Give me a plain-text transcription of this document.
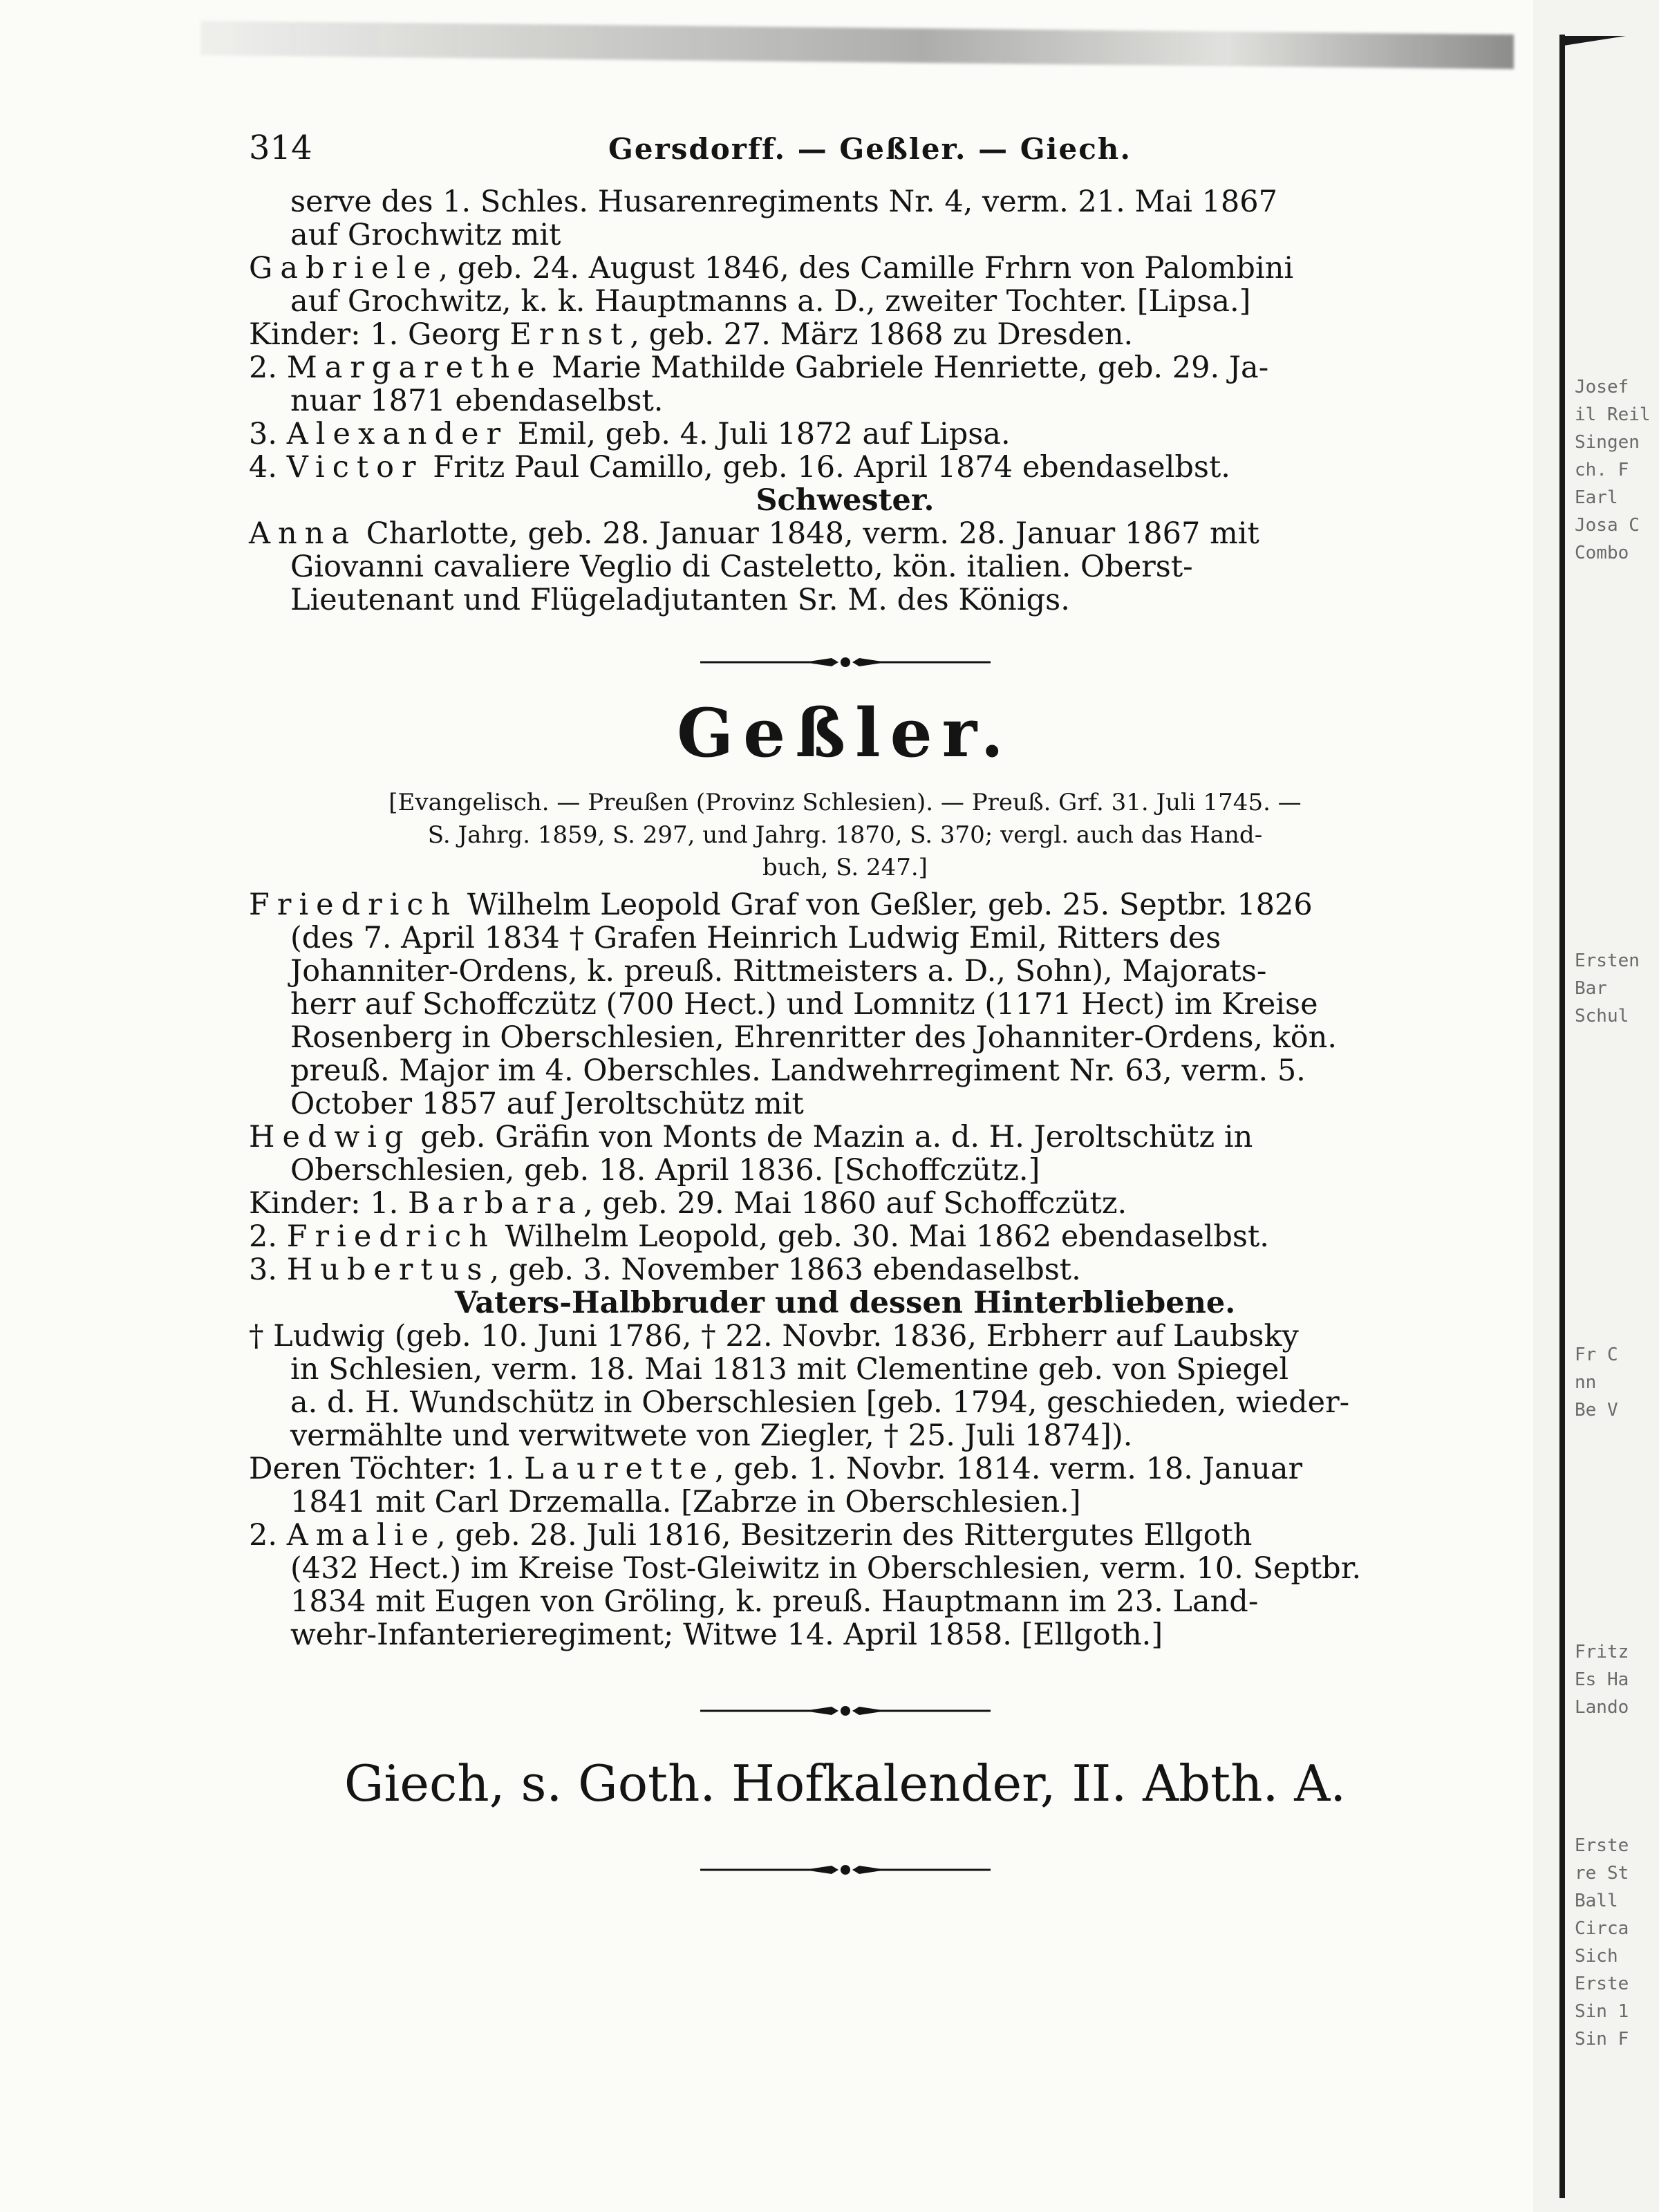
Josef
il Reil
Singen
ch. F
Earl
Josa C
Combo
Ersten
Bar
Schul
Fr C
nn
Be V
Fritz
Es Ha
Lando
Erste
re St
Ball
Circa
Sich
Erste
Sin 1
Sin F
314	Gersdorff. — Geßler. — Giech.
serve des 1. Schles. Husarenregiments Nr. 4, verm. 21. Mai 1867
auf Grochwitz mit
Gabriele, geb. 24. August 1846, des Camille Frhrn von Palombini
auf Grochwitz, k. k. Hauptmanns a. D., zweiter Tochter. [Lipsa.]
Kinder: 1. Georg Ernst, geb. 27. März 1868 zu Dresden.
2. Margarethe Marie Mathilde Gabriele Henriette, geb. 29. Ja-
nuar 1871 ebendaselbst.
3. Alexander Emil, geb. 4. Juli 1872 auf Lipsa.
4. Victor Fritz Paul Camillo, geb. 16. April 1874 ebendaselbst.
Schwester.
Anna Charlotte, geb. 28. Januar 1848, verm. 28. Januar 1867 mit
Giovanni cavaliere Veglio di Casteletto, kön. italien. Oberst-
Lieutenant und Flügeladjutanten Sr. M. des Königs.
Geßler.
[Evangelisch. — Preußen (Provinz Schlesien). — Preuß. Grf. 31. Juli 1745. —
S. Jahrg. 1859, S. 297, und Jahrg. 1870, S. 370; vergl. auch das Hand-
buch, S. 247.]
Friedrich Wilhelm Leopold Graf von Geßler, geb. 25. Septbr. 1826
(des 7. April 1834 † Grafen Heinrich Ludwig Emil, Ritters des
Johanniter-Ordens, k. preuß. Rittmeisters a. D., Sohn), Majorats-
herr auf Schoffczütz (700 Hect.) und Lomnitz (1171 Hect) im Kreise
Rosenberg in Oberschlesien, Ehrenritter des Johanniter-Ordens, kön.
preuß. Major im 4. Oberschles. Landwehrregiment Nr. 63, verm. 5.
October 1857 auf Jeroltschütz mit
Hedwig geb. Gräfin von Monts de Mazin a. d. H. Jeroltschütz in
Oberschlesien, geb. 18. April 1836. [Schoffczütz.]
Kinder: 1. Barbara, geb. 29. Mai 1860 auf Schoffczütz.
2. Friedrich Wilhelm Leopold, geb. 30. Mai 1862 ebendaselbst.
3. Hubertus, geb. 3. November 1863 ebendaselbst.
Vaters-Halbbruder und dessen Hinterbliebene.
† Ludwig (geb. 10. Juni 1786, † 22. Novbr. 1836, Erbherr auf Laubsky
in Schlesien, verm. 18. Mai 1813 mit Clementine geb. von Spiegel
a. d. H. Wundschütz in Oberschlesien [geb. 1794, geschieden, wieder-
vermählte und verwitwete von Ziegler, † 25. Juli 1874]).
Deren Töchter: 1. Laurette, geb. 1. Novbr. 1814. verm. 18. Januar
1841 mit Carl Drzemalla. [Zabrze in Oberschlesien.]
2. Amalie, geb. 28. Juli 1816, Besitzerin des Rittergutes Ellgoth
(432 Hect.) im Kreise Tost-Gleiwitz in Oberschlesien, verm. 10. Septbr.
1834 mit Eugen von Gröling, k. preuß. Hauptmann im 23. Land-
wehr-Infanterieregiment; Witwe 14. April 1858. [Ellgoth.]
Giech, s. Goth. Hofkalender, II. Abth. A.
